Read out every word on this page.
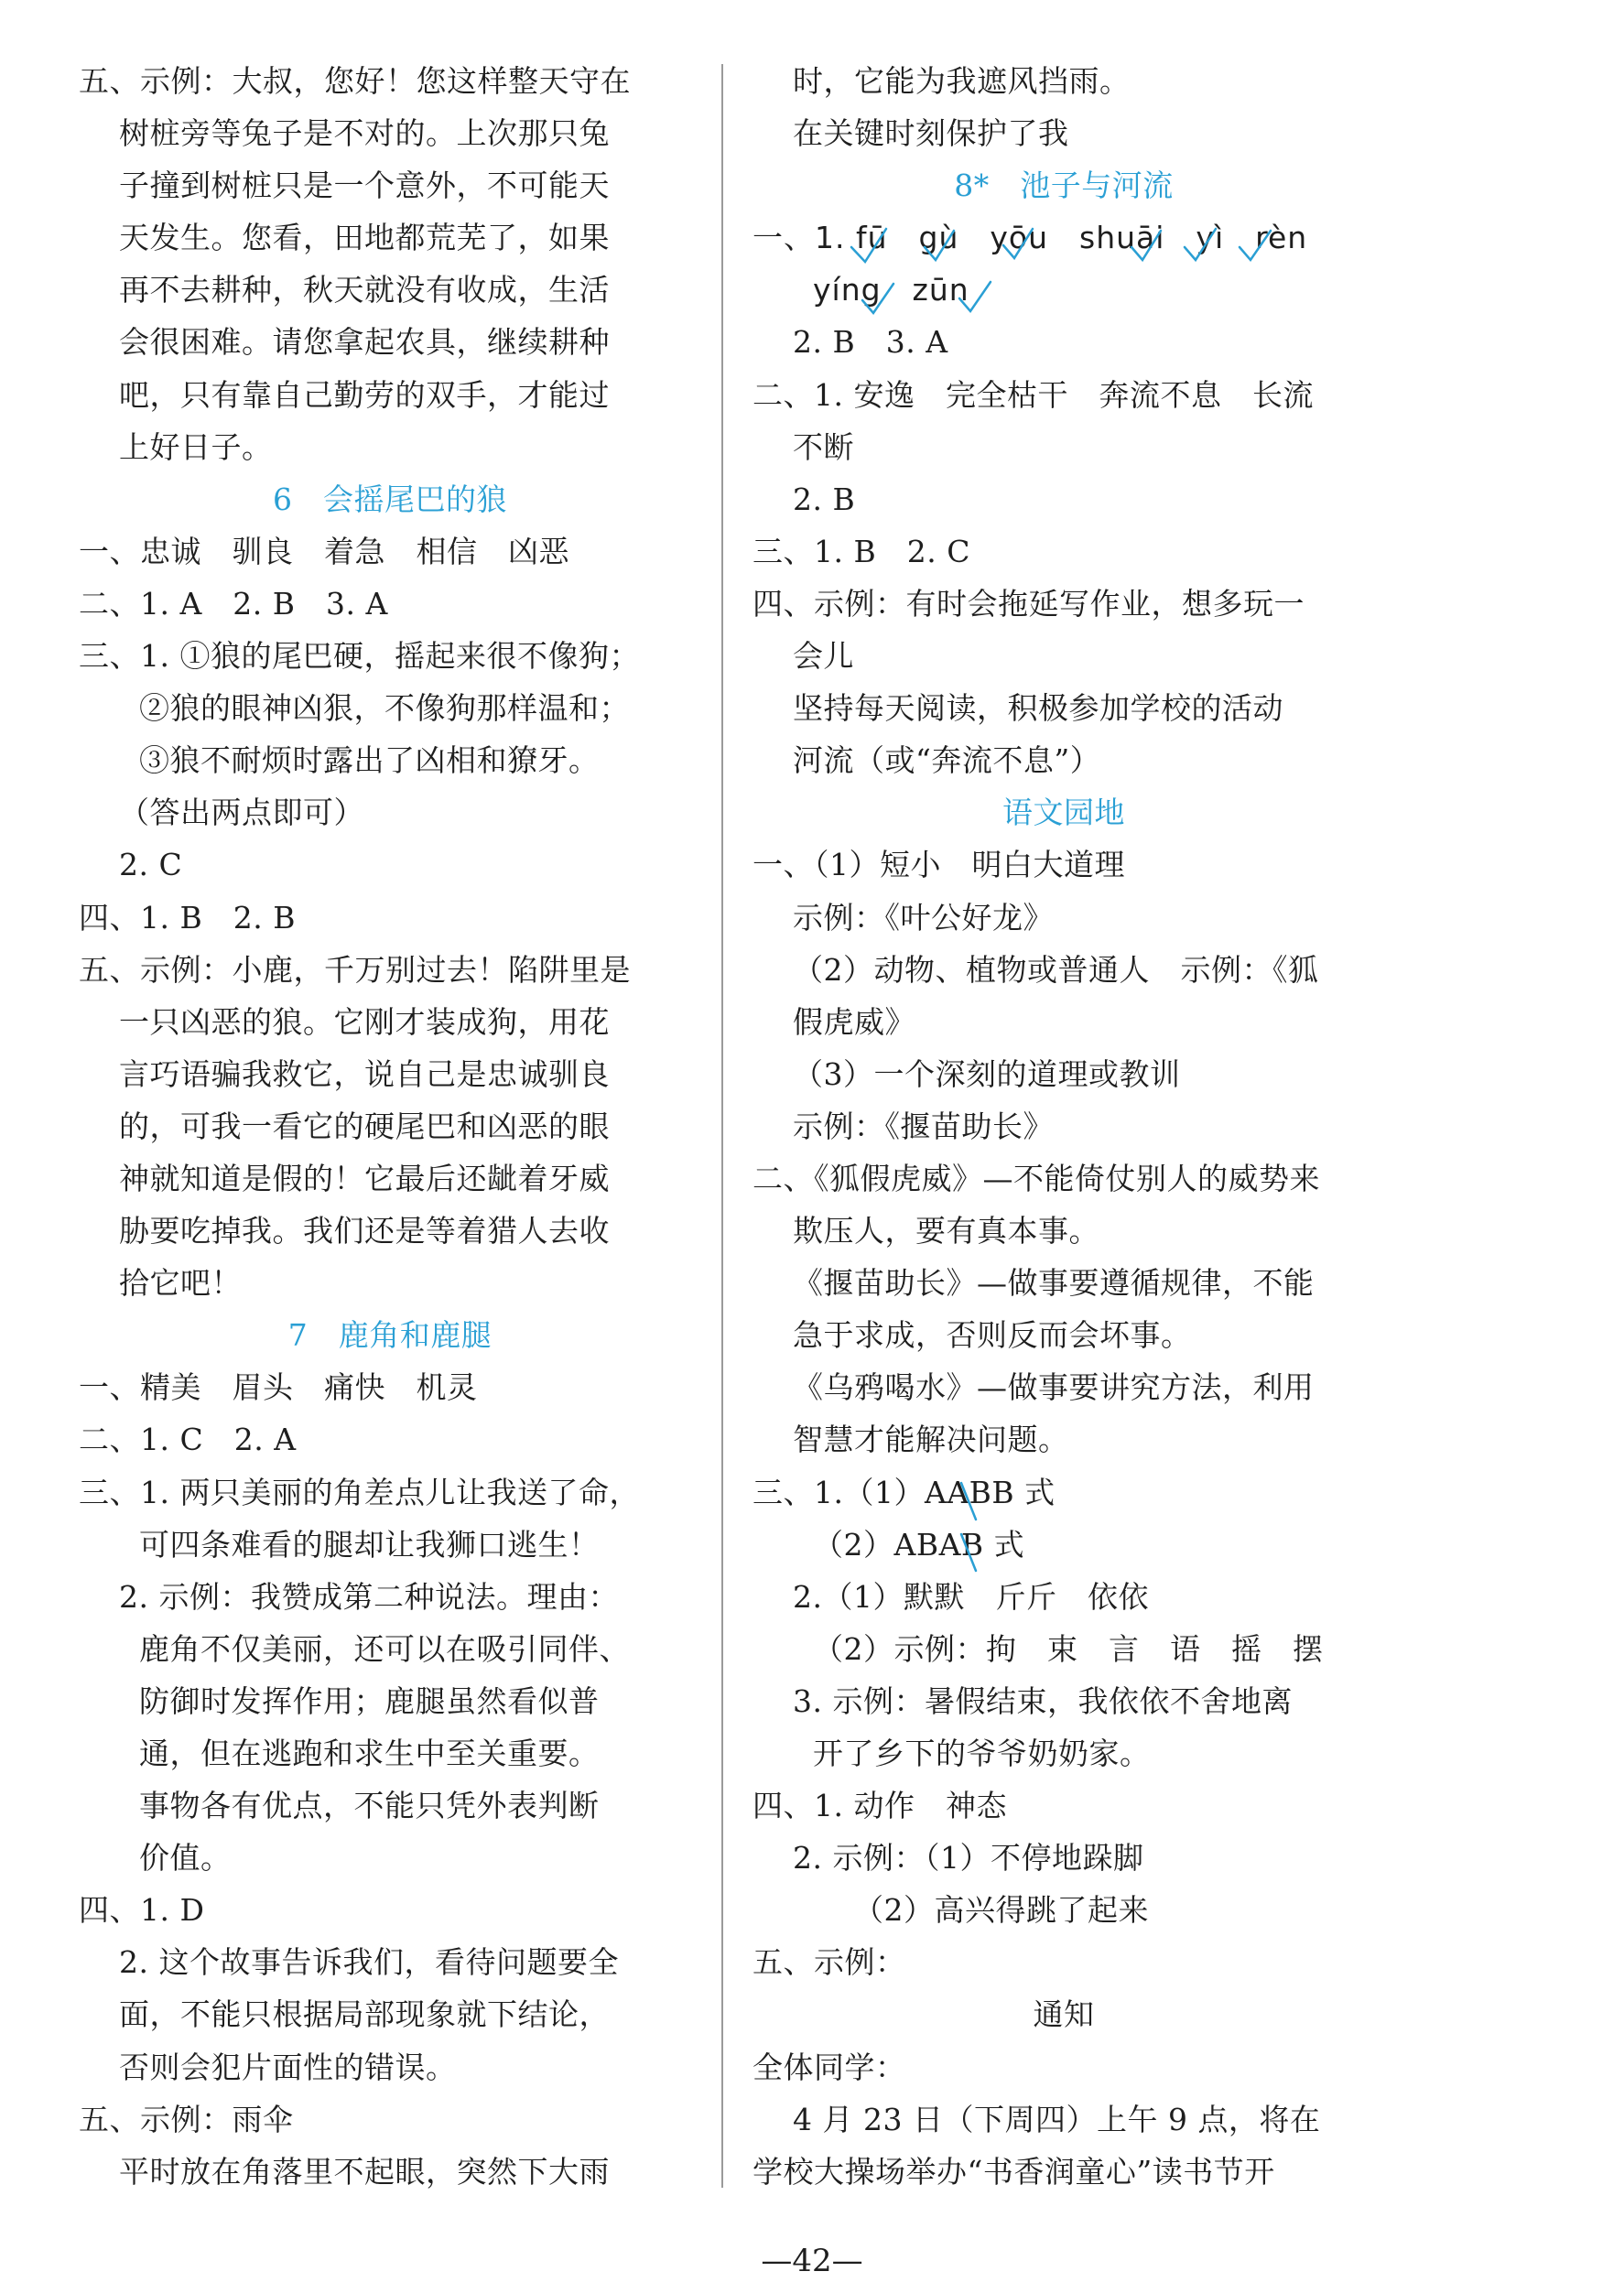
五、示例：大叔，您好！您这样整天守在
树桩旁等兔子是不对的。上次那只兔
子撞到树桩只是一个意外，不可能天
天发生。您看，田地都荒芜了，如果
再不去耕种，秋天就没有收成，生活
会很困难。请您拿起农具，继续耕种
吧，只有靠自己勤劳的双手，才能过
上好日子。
6　会摇尾巴的狼
一、忠诚　驯良　着急　相信　凶恶
二、1. A　2. B　3. A
三、1. ①狼的尾巴硬，摇起来很不像狗；
②狼的眼神凶狠，不像狗那样温和；
③狼不耐烦时露出了凶相和獠牙。
（答出两点即可）
2. C
四、1. B　2. B
五、示例：小鹿，千万别过去！陷阱里是
一只凶恶的狼。它刚才装成狗，用花
言巧语骗我救它，说自己是忠诚驯良
的，可我一看它的硬尾巴和凶恶的眼
神就知道是假的！它最后还龇着牙威
胁要吃掉我。我们还是等着猎人去收
拾它吧！
7　鹿角和鹿腿
一、精美　眉头　痛快　机灵
二、1. C　2. A
三、1. 两只美丽的角差点儿让我送了命，
可四条难看的腿却让我狮口逃生！
2. 示例：我赞成第二种说法。理由：
鹿角不仅美丽，还可以在吸引同伴、
防御时发挥作用；鹿腿虽然看似普
通，但在逃跑和求生中至关重要。
事物各有优点，不能只凭外表判断
价值。
四、1. D
2. 这个故事告诉我们，看待问题要全
面，不能只根据局部现象就下结论，
否则会犯片面性的错误。
五、示例：雨伞
平时放在角落里不起眼，突然下大雨
时，它能为我遮风挡雨。
在关键时刻保护了我
8*　池子与河流
一、1. fū　gù　yōu　shuāi　yì　rèn
yíng　zūn
2. B　3. A
二、1. 安逸　完全枯干　奔流不息　长流
不断
2. B
三、1. B　2. C
四、示例：有时会拖延写作业，想多玩一
会儿
坚持每天阅读，积极参加学校的活动
河流（或“奔流不息”）
语文园地
一、（1）短小　明白大道理
示例：《叶公好龙》
（2）动物、植物或普通人　示例：《狐
假虎威》
（3）一个深刻的道理或教训
示例：《揠苗助长》
二、《狐假虎威》—不能倚仗别人的威势来
欺压人，要有真本事。
《揠苗助长》—做事要遵循规律，不能
急于求成，否则反而会坏事。
《乌鸦喝水》—做事要讲究方法，利用
智慧才能解决问题。
三、1.（1）AABB 式
（2）ABAB 式
2.（1）默默　斤斤　依依
（2）示例：拘　束　言　语　摇　摆
3. 示例：暑假结束，我依依不舍地离
开了乡下的爷爷奶奶家。
四、1. 动作　神态
2. 示例：（1）不停地跺脚
（2）高兴得跳了起来
五、示例：
通知
全体同学：
4 月 23 日（下周四）上午 9 点，将在
学校大操场举办“书香润童心”读书节开
—42—
